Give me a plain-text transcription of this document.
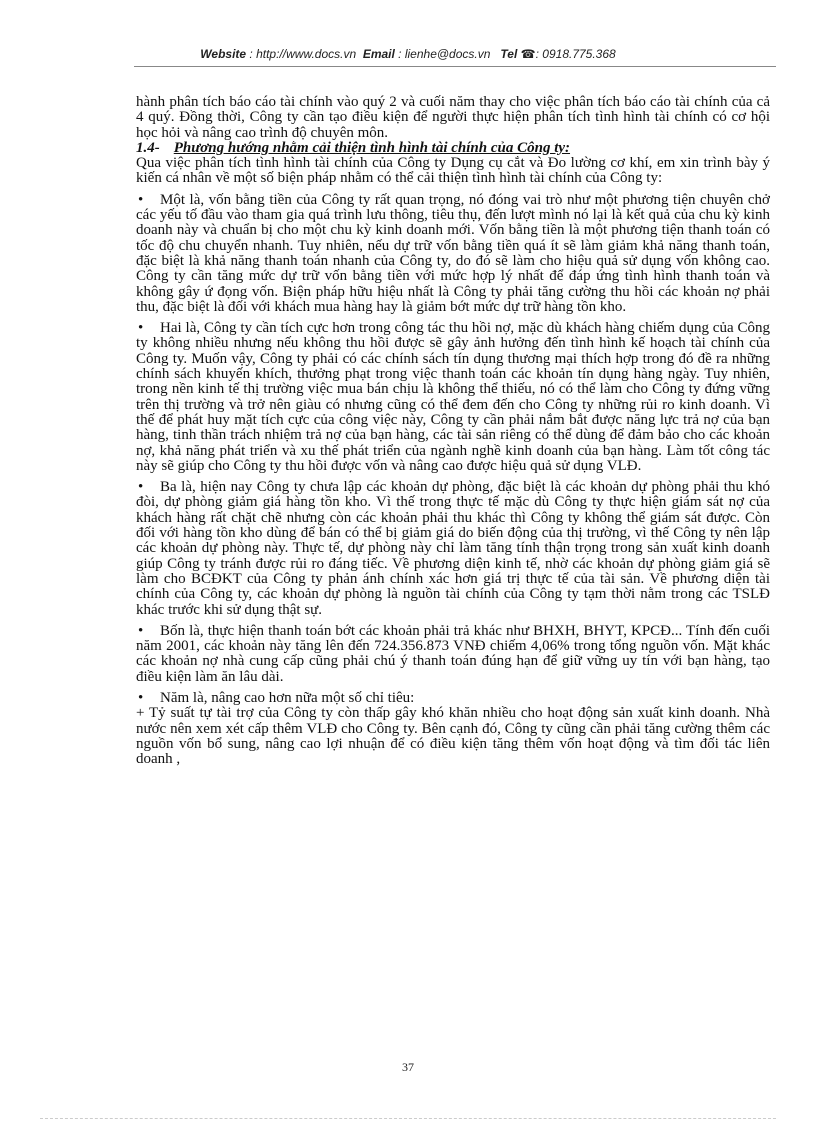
Website : http://www.docs.vn Email : lienhe@docs.vn Tel ☎: 0918.775.368

hành phân tích báo cáo tài chính vào quý 2 và cuối năm thay cho việc phân tích báo cáo tài chính của cả 4 quý. Đồng thời, Công ty cần tạo điều kiện để người thực hiện phân tích tình hình tài chính có cơ hội học hỏi và nâng cao trình độ chuyên môn.

1.4- Phương hướng nhằm cải thiện tình hình tài chính của Công ty:

Qua việc phân tích tình hình tài chính của Công ty Dụng cụ cắt và Đo lường cơ khí, em xin trình bày ý kiến cá nhân về một số biện pháp nhằm có thể cải thiện tình hình tài chính của Công ty:

• Một là, vốn bằng tiền của Công ty rất quan trọng, nó đóng vai trò như một phương tiện chuyên chở các yếu tố đầu vào tham gia quá trình lưu thông, tiêu thụ, đến lượt mình nó lại là kết quả của chu kỳ kinh doanh này và chuẩn bị cho một chu kỳ kinh doanh mới. Vốn bằng tiền là một phương tiện thanh toán có tốc độ chu chuyển nhanh. Tuy nhiên, nếu dự trữ vốn bằng tiền quá ít sẽ làm giảm khả năng thanh toán, đặc biệt là khả năng thanh toán nhanh của Công ty, do đó sẽ làm cho hiệu quả sử dụng vốn không cao. Công ty cần tăng mức dự trữ vốn bằng tiền với mức hợp lý nhất để đáp ứng tình hình thanh toán và không gây ứ đọng vốn. Biện pháp hữu hiệu nhất là Công ty phải tăng cường thu hồi các khoản nợ phải thu, đặc biệt là đối với khách mua hàng hay là giảm bớt mức dự trữ hàng tồn kho.

• Hai là, Công ty cần tích cực hơn trong công tác thu hồi nợ, mặc dù khách hàng chiếm dụng của Công ty không nhiều nhưng nếu không thu hồi được sẽ gây ảnh hưởng đến tình hình kế hoạch tài chính của Công ty. Muốn vậy, Công ty phải có các chính sách tín dụng thương mại thích hợp trong đó đề ra những chính sách khuyến khích, thưởng phạt trong việc thanh toán các khoản tín dụng hàng ngày. Tuy nhiên, trong nền kinh tế thị trường việc mua bán chịu là không thể thiếu, nó có thể làm cho Công ty đứng vững trên thị trường và trở nên giàu có nhưng cũng có thể đem đến cho Công ty những rủi ro kinh doanh. Vì thế để phát huy mặt tích cực của công việc này, Công ty cần phải nắm bắt được năng lực trả nợ của bạn hàng, tinh thần trách nhiệm trả nợ của bạn hàng, các tài sản riêng có thể dùng để đảm bảo cho các khoản nợ, khả năng phát triển và xu thế phát triển của ngành nghề kinh doanh của bạn hàng. Làm tốt công tác này sẽ giúp cho Công ty thu hồi được vốn và nâng cao được hiệu quả sử dụng VLĐ.

• Ba là, hiện nay Công ty chưa lập các khoản dự phòng, đặc biệt là các khoản dự phòng phải thu khó đòi, dự phòng giảm giá hàng tồn kho. Vì thế trong thực tế mặc dù Công ty thực hiện giám sát nợ của khách hàng rất chặt chẽ nhưng còn các khoản phải thu khác thì Công ty không thể giám sát được. Còn đối với hàng tồn kho dùng để bán có thể bị giảm giá do biến động của thị trường, vì thế Công ty nên lập các khoản dự phòng này. Thực tế, dự phòng này chỉ làm tăng tính thận trọng trong sản xuất kinh doanh giúp Công ty tránh được rủi ro đáng tiếc. Về phương diện kinh tế, nhờ các khoản dự phòng giảm giá sẽ làm cho BCĐKT của Công ty phản ánh chính xác hơn giá trị thực tế của tài sản. Về phương diện tài chính của Công ty, các khoản dự phòng là nguồn tài chính của Công ty tạm thời nằm trong các TSLĐ khác trước khi sử dụng thật sự.

• Bốn là, thực hiện thanh toán bớt các khoản phải trả khác như BHXH, BHYT, KPCĐ... Tính đến cuối năm 2001, các khoản này tăng lên đến 724.356.873 VNĐ chiếm 4,06% trong tổng nguồn vốn. Mặt khác các khoản nợ nhà cung cấp cũng phải chú ý thanh toán đúng hạn để giữ vững uy tín với bạn hàng, tạo điều kiện làm ăn lâu dài.

• Năm là, nâng cao hơn nữa một số chỉ tiêu:

+ Tỷ suất tự tài trợ của Công ty còn thấp gây khó khăn nhiều cho hoạt động sản xuất kinh doanh. Nhà nước nên xem xét cấp thêm VLĐ cho Công ty. Bên cạnh đó, Công ty cũng cần phải tăng cường thêm các nguồn vốn bổ sung, nâng cao lợi nhuận để có điều kiện tăng thêm vốn hoạt động và tìm đối tác liên doanh ,

37
